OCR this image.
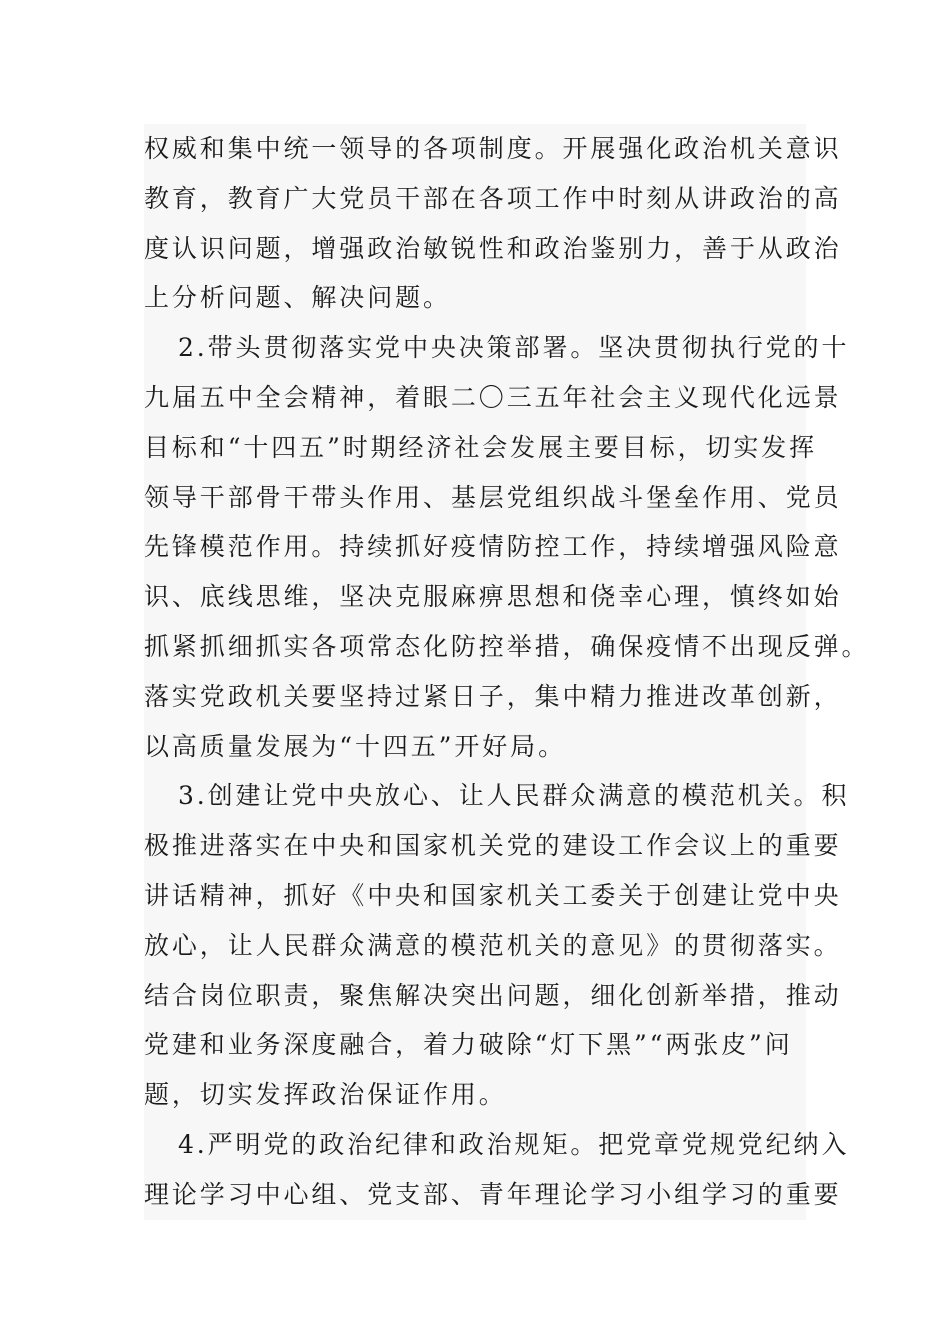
权威和集中统一领导的各项制度。开展强化政治机关意识
教育，教育广大党员干部在各项工作中时刻从讲政治的高
度认识问题，增强政治敏锐性和政治鉴别力，善于从政治
上分析问题、解决问题。
2.带头贯彻落实党中央决策部署。坚决贯彻执行党的十
九届五中全会精神，着眼二〇三五年社会主义现代化远景
目标和“十四五”时期经济社会发展主要目标，切实发挥
领导干部骨干带头作用、基层党组织战斗堡垒作用、党员
先锋模范作用。持续抓好疫情防控工作，持续增强风险意
识、底线思维，坚决克服麻痹思想和侥幸心理，慎终如始
抓紧抓细抓实各项常态化防控举措，确保疫情不出现反弹。
落实党政机关要坚持过紧日子，集中精力推进改革创新，
以高质量发展为“十四五”开好局。
3.创建让党中央放心、让人民群众满意的模范机关。积
极推进落实在中央和国家机关党的建设工作会议上的重要
讲话精神，抓好《中央和国家机关工委关于创建让党中央
放心，让人民群众满意的模范机关的意见》的贯彻落实。
结合岗位职责，聚焦解决突出问题，细化创新举措，推动
党建和业务深度融合，着力破除“灯下黑”“两张皮”问
题，切实发挥政治保证作用。
4.严明党的政治纪律和政治规矩。把党章党规党纪纳入
理论学习中心组、党支部、青年理论学习小组学习的重要
